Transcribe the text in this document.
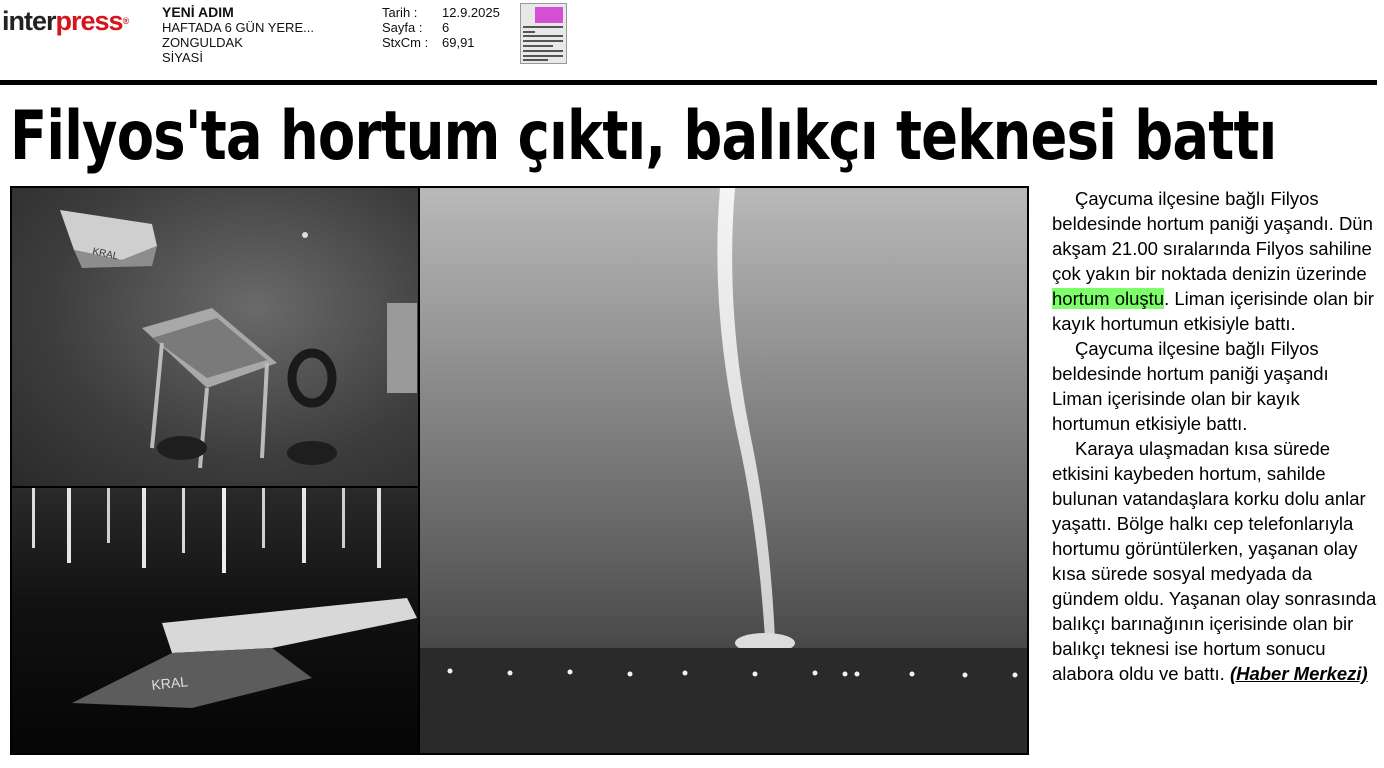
interpress®
YENİ ADIM
HAFTADA 6 GÜN YERE...
ZONGULDAK
SİYASİ
Tarih :	12.9.2025
Sayfa :	6
StxCm :	69,91
Filyos'ta hortum çıktı, balıkçı teknesi battı
KRAL
KRAL

Çaycuma ilçesine bağlı Filyos beldesinde hortum paniği yaşandı. Dün akşam 21.00 sıralarında Filyos sahiline çok yakın bir noktada denizin üzerinde hortum oluştu. Liman içerisinde olan bir kayık hortumun etkisiyle battı.

Çaycuma ilçesine bağlı Filyos beldesinde hortum paniği yaşandı Liman içerisinde olan bir kayık hortumun etkisiyle battı.

Karaya ulaşmadan kısa sürede etkisini kaybeden hortum, sahilde bulunan vatandaşlara korku dolu anlar yaşattı. Bölge halkı cep telefonlarıyla hortumu görüntülerken, yaşanan olay kısa sürede sosyal medyada da gündem oldu. Yaşanan olay sonrasında balıkçı barınağının içerisinde olan bir balıkçı teknesi ise hortum sonucu alabora oldu ve battı. (Haber Merkezi)
